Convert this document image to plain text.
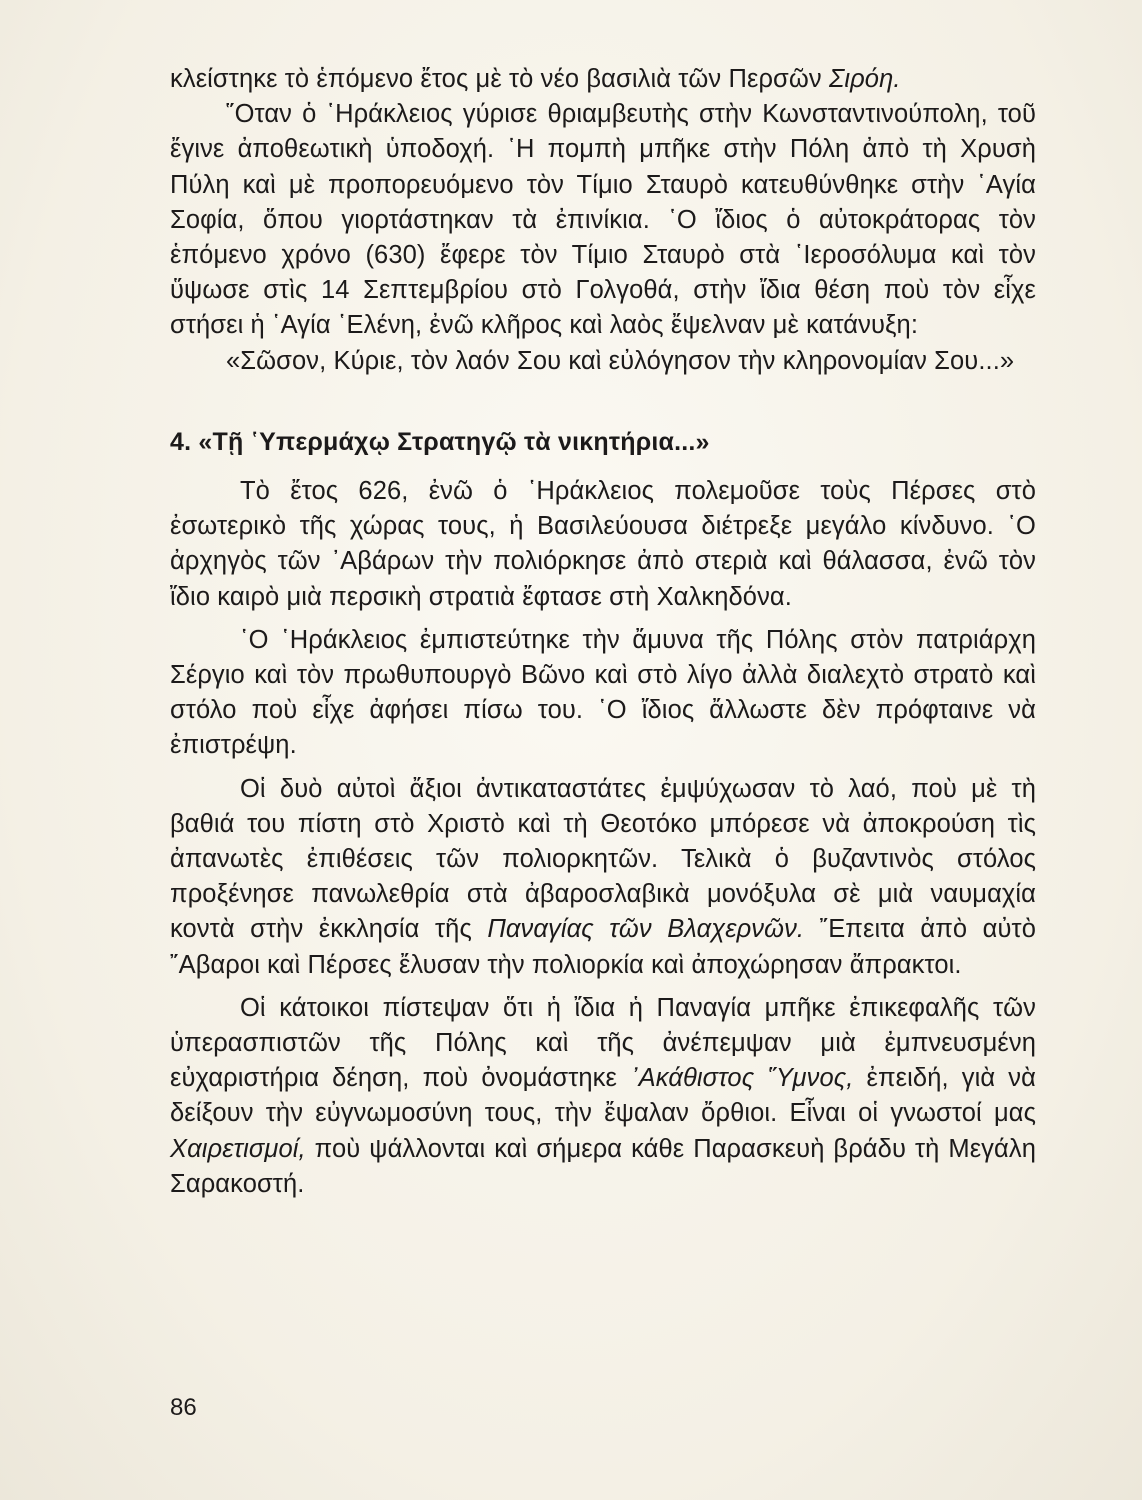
κλείστηκε τὸ ἑπόμενο ἔτος μὲ τὸ νέο βασιλιὰ τῶν Περσῶν Σιρόη.

῞Οταν ὁ ῾Ηράκλειος γύρισε θριαμβευτὴς στὴν Κωνσταντινούπολη, τοῦ ἔγινε ἀποθεωτικὴ ὑποδοχή. ῾Η πομπὴ μπῆκε στὴν Πόλη ἀπὸ τὴ Χρυσὴ Πύλη καὶ μὲ προπορευόμενο τὸν Τίμιο Σταυρὸ κατευθύνθηκε στὴν ῾Αγία Σοφία, ὅπου γιορτάστηκαν τὰ ἐπινίκια. ῾Ο ἴδιος ὁ αὐτοκράτορας τὸν ἑπόμενο χρόνο (630) ἔφερε τὸν Τίμιο Σταυρὸ στὰ ῾Ιεροσόλυμα καὶ τὸν ὕψωσε στὶς 14 Σεπτεμβρίου στὸ Γολγοθά, στὴν ἴδια θέση ποὺ τὸν εἶχε στήσει ἡ ῾Αγία ῾Ελένη, ἐνῶ κλῆρος καὶ λαὸς ἔψελναν μὲ κατάνυξη:

«Σῶσον, Κύριε, τὸν λαόν Σου καὶ εὐλόγησον τὴν κληρονομίαν Σου...»

4. «Τῇ ῾Υπερμάχῳ Στρατηγῷ τὰ νικητήρια...»

Τὸ ἔτος 626, ἐνῶ ὁ ῾Ηράκλειος πολεμοῦσε τοὺς Πέρσες στὸ ἐσωτερικὸ τῆς χώρας τους, ἡ Βασιλεύουσα διέτρεξε μεγάλο κίνδυνο. ῾Ο ἀρχηγὸς τῶν ᾿Αβάρων τὴν πολιόρκησε ἀπὸ στεριὰ καὶ θάλασσα, ἐνῶ τὸν ἴδιο καιρὸ μιὰ περσικὴ στρατιὰ ἔφτασε στὴ Χαλκηδόνα.

῾Ο ῾Ηράκλειος ἐμπιστεύτηκε τὴν ἄμυνα τῆς Πόλης στὸν πατριάρχη Σέργιο καὶ τὸν πρωθυπουργὸ Βῶνο καὶ στὸ λίγο ἀλλὰ διαλεχτὸ στρατὸ καὶ στόλο ποὺ εἶχε ἀφήσει πίσω του. ῾Ο ἴδιος ἄλλωστε δὲν πρόφταινε νὰ ἐπιστρέψη.

Οἱ δυὸ αὐτοὶ ἄξιοι ἀντικαταστάτες ἐμψύχωσαν τὸ λαό, ποὺ μὲ τὴ βαθιά του πίστη στὸ Χριστὸ καὶ τὴ Θεοτόκο μπόρεσε νὰ ἀποκρούση τὶς ἀπανωτὲς ἐπιθέσεις τῶν πολιορκητῶν. Τελικὰ ὁ βυζαντινὸς στόλος προξένησε πανωλεθρία στὰ ἀβαροσλαβικὰ μονόξυλα σὲ μιὰ ναυμαχία κοντὰ στὴν ἐκκλησία τῆς Παναγίας τῶν Βλαχερνῶν. ῎Επειτα ἀπὸ αὐτὸ ῎Αβαροι καὶ Πέρσες ἔλυσαν τὴν πολιορκία καὶ ἀποχώρησαν ἄπρακτοι.

Οἱ κάτοικοι πίστεψαν ὅτι ἡ ἴδια ἡ Παναγία μπῆκε ἐπικεφαλῆς τῶν ὑπερασπιστῶν τῆς Πόλης καὶ τῆς ἀνέπεμψαν μιὰ ἐμπνευσμένη εὐχαριστήρια δέηση, ποὺ ὀνομάστηκε ᾿Ακάθιστος ῞Υμνος, ἐπειδή, γιὰ νὰ δείξουν τὴν εὐγνωμοσύνη τους, τὴν ἔψαλαν ὄρθιοι. Εἶναι οἱ γνωστοί μας Χαιρετισμοί, ποὺ ψάλλονται καὶ σήμερα κάθε Παρασκευὴ βράδυ τὴ Μεγάλη Σαρακοστή.

86
